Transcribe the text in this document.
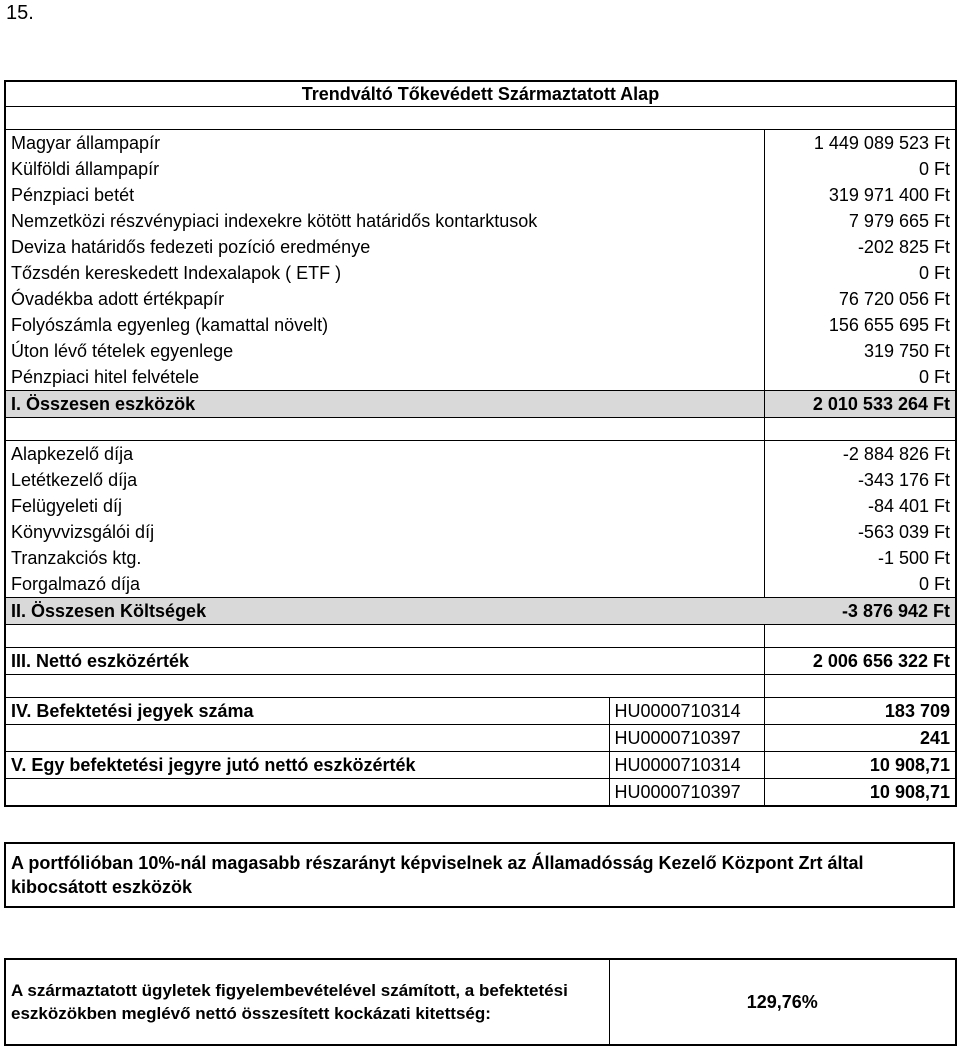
15.
Trendváltó Tőkevédett Származtatott Alap		

Magyar állampapír		1 449 089 523 Ft
Külföldi állampapír		0 Ft
Pénzpiaci betét		319 971 400 Ft
Nemzetközi részvénypiaci indexekre kötött határidős kontarktusok		7 979 665 Ft
Deviza határidős fedezeti pozíció eredménye		-202 825 Ft
Tőzsdén kereskedett Indexalapok ( ETF )		0 Ft
Óvadékba adott értékpapír		76 720 056 Ft
Folyószámla egyenleg (kamattal növelt)		156 655 695 Ft
Úton lévő tételek egyenlege		319 750 Ft
Pénzpiaci hitel felvétele		0 Ft
I. Összesen eszközök		2 010 533 264 Ft

Alapkezelő díja		-2 884 826 Ft
Letétkezelő díja		-343 176 Ft
Felügyeleti díj		-84 401 Ft
Könyvvizsgálói díj		-563 039 Ft
Tranzakciós ktg.		-1 500 Ft
Forgalmazó díja		0 Ft
II. Összesen Költségek		-3 876 942 Ft

III. Nettó eszközérték		2 006 656 322 Ft

IV. Befektetési jegyek száma	HU0000710314	183 709
	HU0000710397	241
V. Egy befektetési jegyre jutó nettó eszközérték	HU0000710314	10 908,71
	HU0000710397	10 908,71
A portfólióban 10%-nál magasabb részarányt képviselnek az Államadósság Kezelő Központ Zrt által kibocsátott eszközök
A származtatott ügyletek figyelembevételével számított, a befektetési eszközökben meglévő nettó összesített kockázati kitettség:	129,76%
